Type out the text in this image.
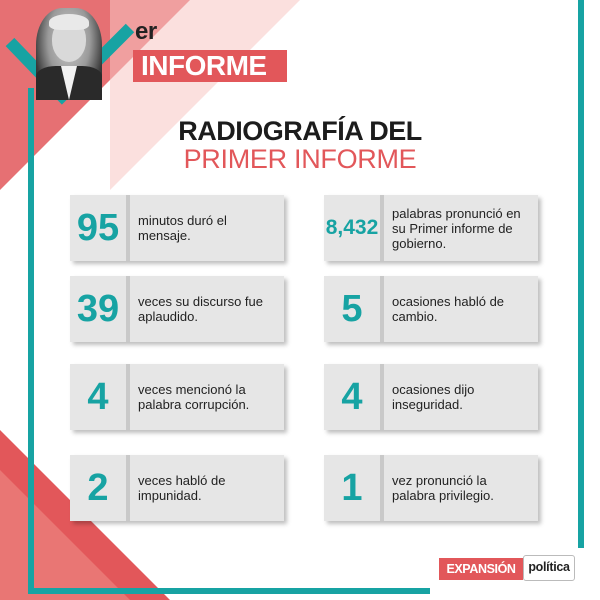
er
INFORME
RADIOGRAFÍA DEL
PRIMER INFORME
95	minutos duró el mensaje.	8,432
palabras pronunció en su Primer informe de gobierno.
39	veces su discurso fue aplaudido.	5	ocasiones habló de cambio.
4	veces mencionó la palabra corrupción.	4	ocasiones dijo inseguridad.
2	veces habló de impunidad.	1	vez pronunció la palabra privilegio.
EXPANSIÓN	política
